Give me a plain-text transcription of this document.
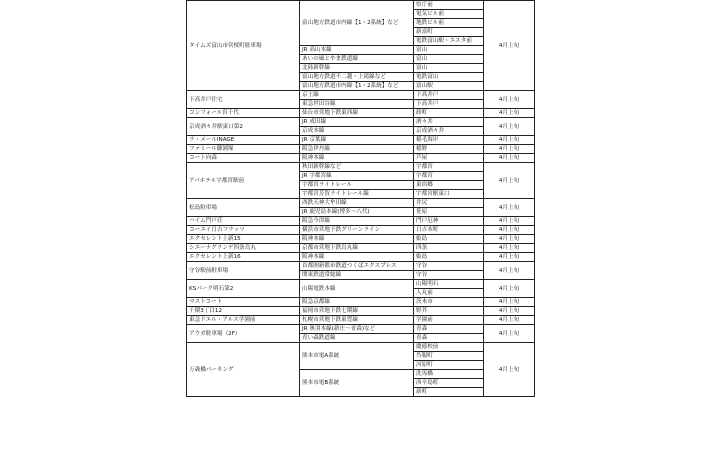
タイムズ富山市営桜町駐車場	富山地方鉄道市内線【1・2系統】など	県庁前	4月上旬
		電気ビル前	
		地鉄ビル前	
		新富町	
		電鉄富山駅・エスタ前	
	JR 高山本線	富山	
	あいの風とやま鉄道線	富山	
	北陸新幹線	富山	
	富山地方鉄道不二越・上滝線など	電鉄富山	
	富山地方鉄道市内線【1・2系統】など	富山駅	
下高井戸住宅	京王線	下高井戸	4月上旬
	東急世田谷線	下高井戸	
コンフォール宮千代	仙台市営地下鉄東西線	卸町	4月上旬
京成酒々井駅東口第2	JR 成田線	酒々井	4月上旬
	京成本線	京成酒々井	
ラ・メールINAGE	JR 京葉線	稲毛海岸	4月上旬
ファミール御園塚	阪急伊丹線	稲野	4月上旬
コート向森	阪神本線	芦屋	4月上旬
アパホテル宇都宮駅前	秋田新幹線など	宇都宮	4月上旬
	JR 宇都宮線	宇都宮	
	宇都宮ライトレール	東宿郷	
	宇都宮芳賀ライトレール線	宇都宮駅東口	
松島駐車場	西鉄天神大牟田線	井尻	4月上旬
	JR 鹿児島本線(博多～八代)	笹原	
ハイム門戸荘	阪急今津線	門戸厄神	4月上旬
コーエイ日吉フラッツ	横浜市営地下鉄グリーンライン	日吉本町	4月上旬
エクセレント上新15	阪神本線	姫島	4月上旬
シエーナグランデ四条烏丸	京都市営地下鉄烏丸線	四条	4月上旬
エクセレント上新16	阪神本線	姫島	4月上旬
守谷駅前駐車場	首都圏新都市鉄道つくばエクスプレス	守谷	4月上旬
	関東鉄道常総線	守谷	
KSパーク明石第2	山陽電鉄本線	山陽明石	4月上旬
		人丸前	
マストコート	阪急京都線	茨木市	4月上旬
千隈3丁目12	福岡市営地下鉄七隈線	野芥	4月上旬
東急ドエル・アルス学園前	札幌市営地下鉄東豊線	学園前	4月上旬
アウガ駐車場（2F）	JR 奥羽本線(新庄～青森)など	青森	4月上旬
	青い森鉄道線	青森	
万歳橋パーキング	熊本市電A系統	慶徳校前	4月上旬
		呉服町	
		河原町	
	熊本市電B系統	洗馬橋	
		西辛島町	
		新町	
